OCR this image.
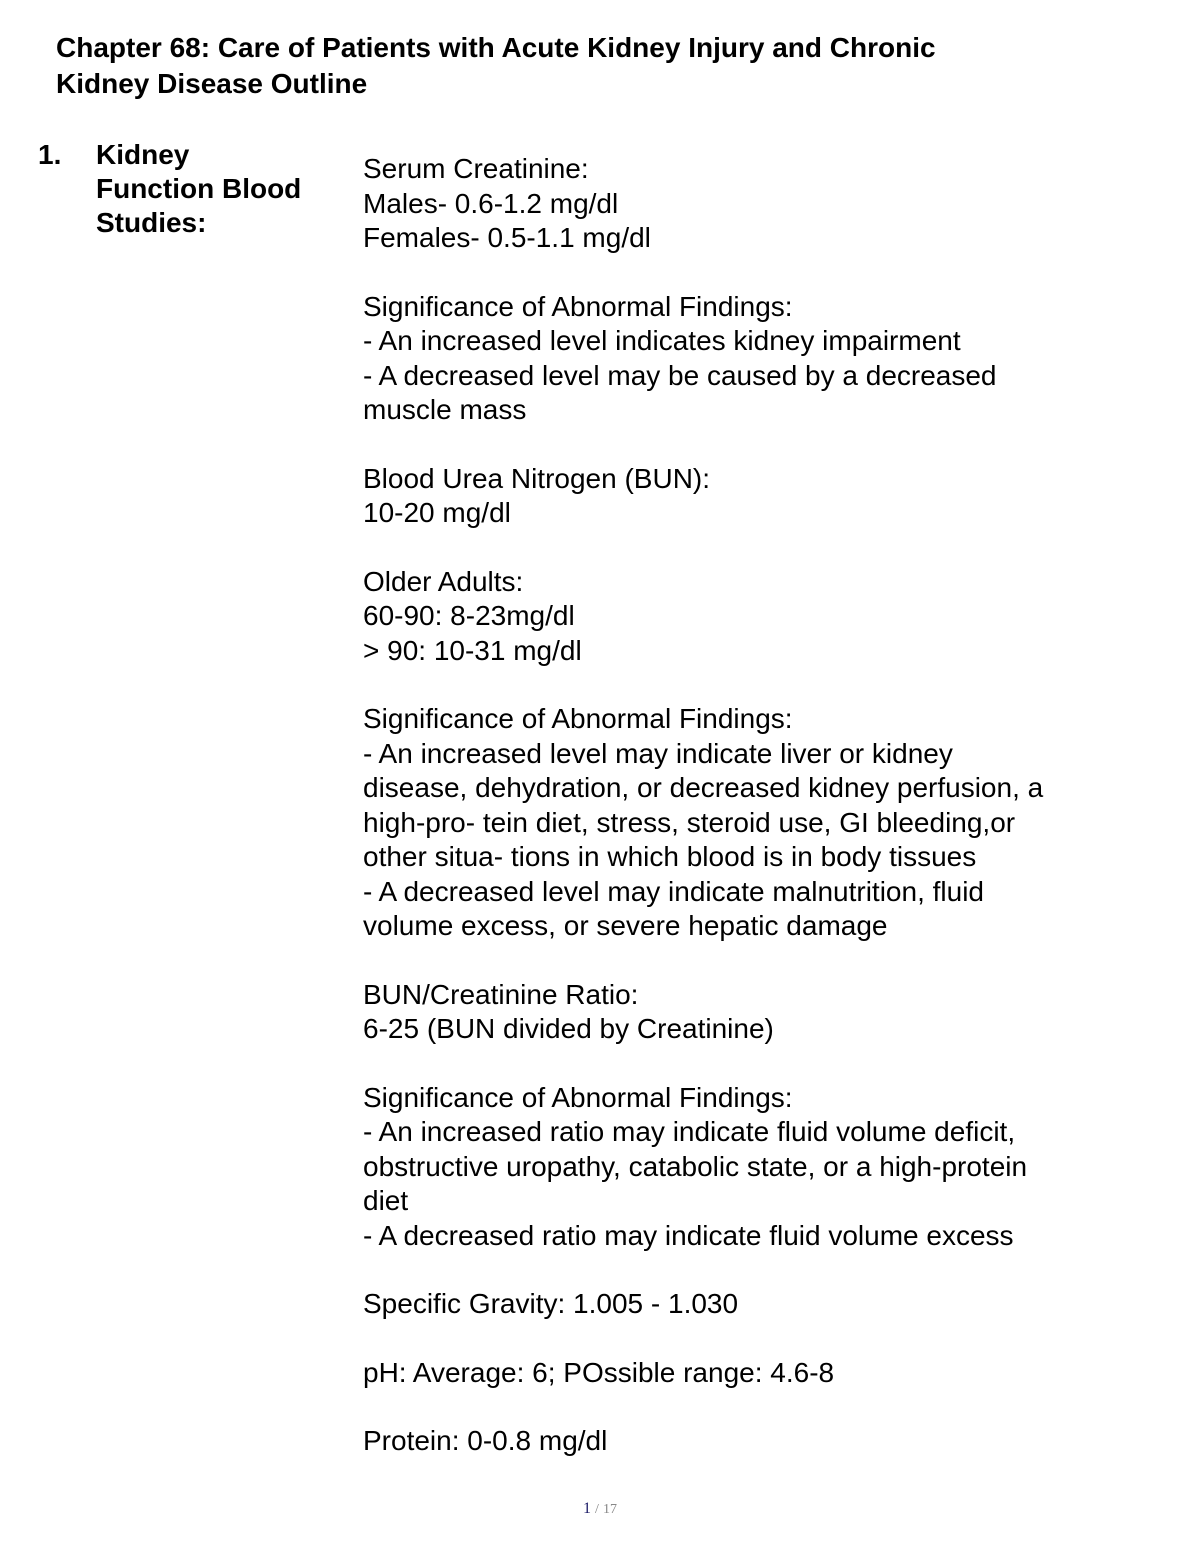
Chapter 68: Care of Patients with Acute Kidney Injury and Chronic
Kidney Disease Outline
1. Kidney
Function Blood
Studies:
Serum Creatinine:
Males- 0.6-1.2 mg/dl
Females- 0.5-1.1 mg/dl
Significance of Abnormal Findings:
- An increased level indicates kidney impairment
- A decreased level may be caused by a decreased
muscle mass
Blood Urea Nitrogen (BUN):
10-20 mg/dl
Older Adults:
60-90: 8-23mg/dl
> 90: 10-31 mg/dl
Significance of Abnormal Findings:
- An increased level may indicate liver or kidney
disease, dehydration, or decreased kidney perfusion, a
high-pro- tein diet, stress, steroid use, GI bleeding,or
other situa- tions in which blood is in body tissues
- A decreased level may indicate malnutrition, fluid
volume excess, or severe hepatic damage
BUN/Creatinine Ratio:
6-25 (BUN divided by Creatinine)
Significance of Abnormal Findings:
- An increased ratio may indicate fluid volume deficit,
obstructive uropathy, catabolic state, or a high-protein
diet
- A decreased ratio may indicate fluid volume excess
Specific Gravity: 1.005 - 1.030
pH: Average: 6; POssible range: 4.6-8
Protein: 0-0.8 mg/dl
1 / 17
